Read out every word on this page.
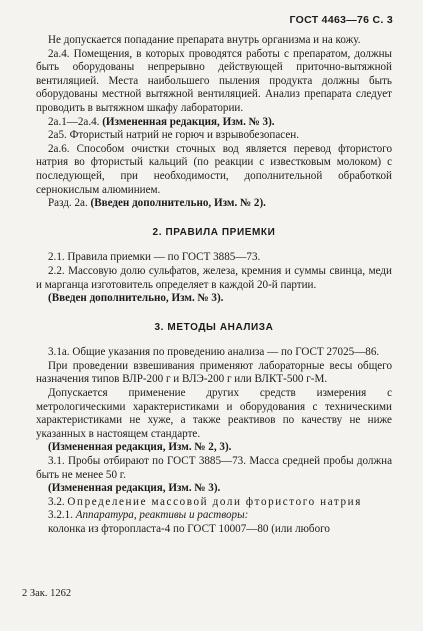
ГОСТ 4463—76 С. 3

Не допускается попадание препарата внутрь организма и на кожу.

2а.4. Помещения, в которых проводятся работы с препаратом, должны быть оборудованы непрерывно действующей приточно-вытяжной вентиляцией. Места наибольшего пыления продукта должны быть оборудованы местной вытяжной вентиляцией. Анализ препарата следует проводить в вытяжном шкафу лаборатории.

2а.1—2а.4. (Измененная редакция, Изм. № 3).

2а5. Фтористый натрий не горюч и взрывобезопасен.

2а.6. Способом очистки сточных вод является перевод фтористого натрия во фтористый кальций (по реакции с известковым молоком) с последующей, при необходимости, дополнительной обработкой сернокислым алюминием.

Разд. 2а. (Введен дополнительно, Изм. № 2).

2. ПРАВИЛА ПРИЕМКИ

2.1. Правила приемки — по ГОСТ 3885—73.

2.2. Массовую долю сульфатов, железа, кремния и суммы свинца, меди и марганца изготовитель определяет в каждой 20-й партии.

(Введен дополнительно, Изм. № 3).

3. МЕТОДЫ АНАЛИЗА

3.1а. Общие указания по проведению анализа — по ГОСТ 27025—86.

При проведении взвешивания применяют лабораторные весы общего назначения типов ВЛР-200 г и ВЛЭ-200 г или ВЛКТ-500 г-М.

Допускается применение других средств измерения с метрологическими характеристиками и оборудования с техническими характеристиками не хуже, а также реактивов по качеству не ниже указанных в настоящем стандарте.

(Измененная редакция, Изм. № 2, 3).

3.1. Пробы отбирают по ГОСТ 3885—73. Масса средней пробы должна быть не менее 50 г.

(Измененная редакция, Изм. № 3).

3.2. Определение массовой доли фтористого натрия

3.2.1. Аппаратура, реактивы и растворы:

колонка из фторопласта-4 по ГОСТ 10007—80 (или любого

2 Зак. 1262
